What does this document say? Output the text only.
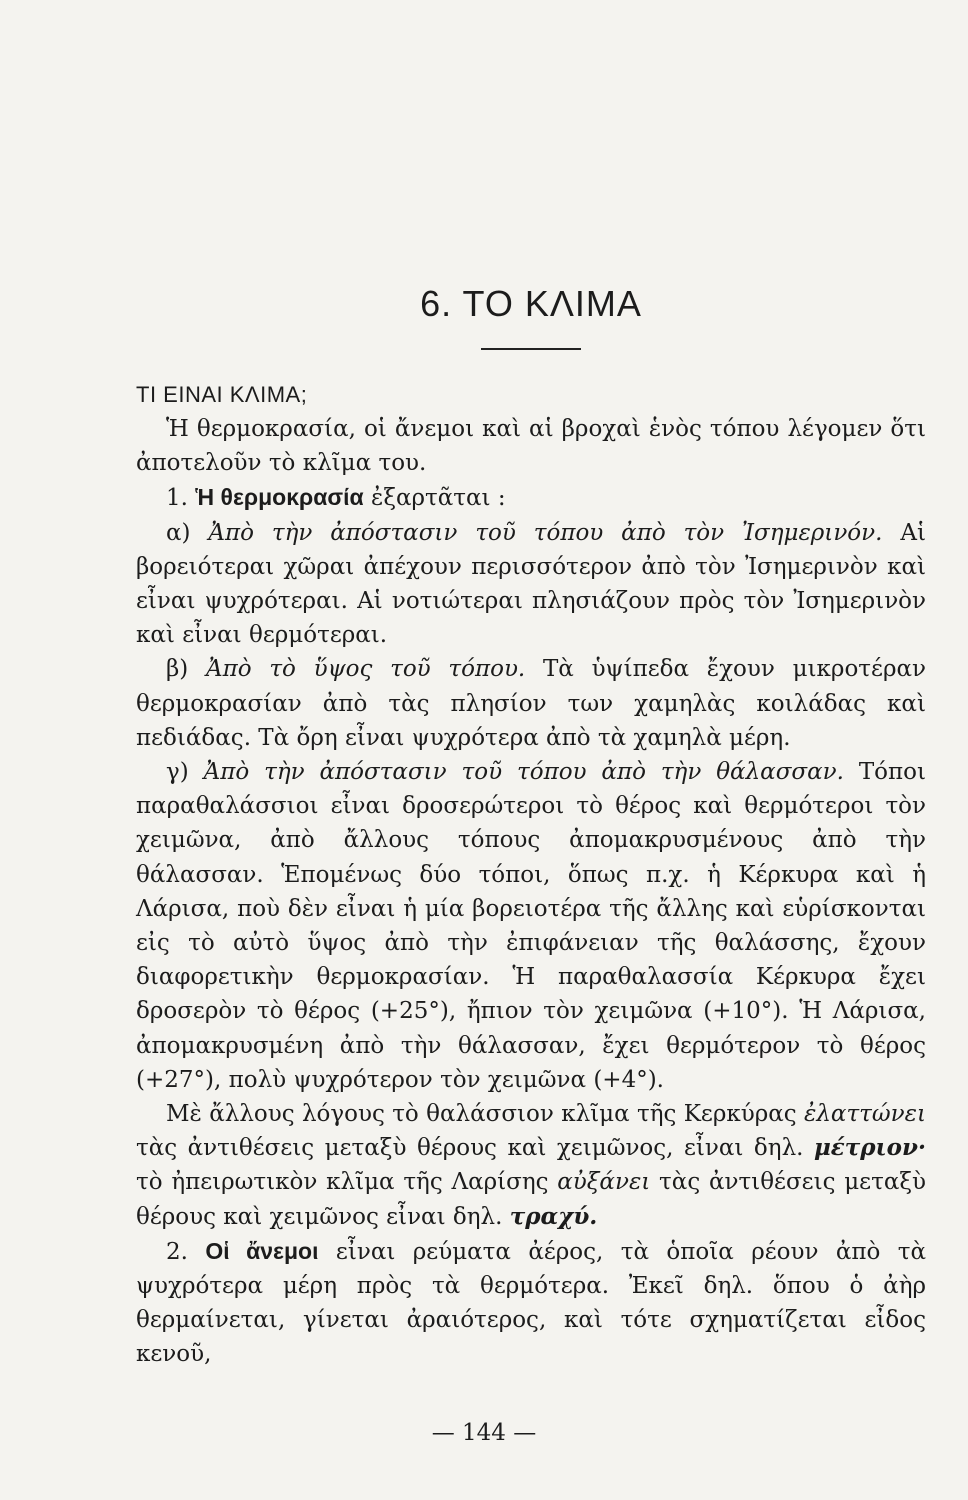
6. ΤΟ ΚΛΙΜΑ

ΤΙ ΕΙΝΑΙ ΚΛΙΜΑ;

Ἡ θερμοκρασία, οἱ ἄνεμοι καὶ αἱ βροχαὶ ἑνὸς τόπου λέγομεν ὅτι ἀποτελοῦν τὸ κλῖμα του.

1. Ἡ θερμοκρασία ἐξαρτᾶται :

α) Ἀπὸ τὴν ἀπόστασιν τοῦ τόπου ἀπὸ τὸν Ἰσημερινόν. Αἱ βορειότεραι χῶραι ἀπέχουν περισσότερον ἀπὸ τὸν Ἰσημερινὸν καὶ εἶναι ψυχρότεραι. Αἱ νοτιώτεραι πλησιάζουν πρὸς τὸν Ἰσημερινὸν καὶ εἶναι θερμότεραι.

β) Ἀπὸ τὸ ὕψος τοῦ τόπου. Τὰ ὑψίπεδα ἔχουν μικροτέραν θερμοκρασίαν ἀπὸ τὰς πλησίον των χαμηλὰς κοιλάδας καὶ πεδιάδας. Τὰ ὄρη εἶναι ψυχρότερα ἀπὸ τὰ χαμηλὰ μέρη.

γ) Ἀπὸ τὴν ἀπόστασιν τοῦ τόπου ἀπὸ τὴν θάλασσαν. Τόποι παραθαλάσσιοι εἶναι δροσερώτεροι τὸ θέρος καὶ θερμότεροι τὸν χειμῶνα, ἀπὸ ἄλλους τόπους ἀπομακρυσμένους ἀπὸ τὴν θάλασσαν. Ἑπομένως δύο τόποι, ὅπως π.χ. ἡ Κέρκυρα καὶ ἡ Λάρισα, ποὺ δὲν εἶναι ἡ μία βορειοτέρα τῆς ἄλλης καὶ εὑρίσκονται εἰς τὸ αὐτὸ ὕψος ἀπὸ τὴν ἐπιφάνειαν τῆς θαλάσσης, ἔχουν διαφορετικὴν θερμοκρασίαν. Ἡ παραθαλασσία Κέρκυρα ἔχει δροσερὸν τὸ θέρος (+25°), ἤπιον τὸν χειμῶνα (+10°). Ἡ Λάρισα, ἀπομακρυσμένη ἀπὸ τὴν θάλασσαν, ἔχει θερμότερον τὸ θέρος (+27°), πολὺ ψυχρότερον τὸν χειμῶνα (+4°).

Μὲ ἄλλους λόγους τὸ θαλάσσιον κλῖμα τῆς Κερκύρας ἐλαττώνει τὰς ἀντιθέσεις μεταξὺ θέρους καὶ χειμῶνος, εἶναι δηλ. μέτριον· τὸ ἠπειρωτικὸν κλῖμα τῆς Λαρίσης αὐξάνει τὰς ἀντιθέσεις μεταξὺ θέρους καὶ χειμῶνος εἶναι δηλ. τραχύ.

2. Οἱ ἄνεμοι εἶναι ρεύματα ἀέρος, τὰ ὁποῖα ρέουν ἀπὸ τὰ ψυχρότερα μέρη πρὸς τὰ θερμότερα. Ἐκεῖ δηλ. ὅπου ὁ ἀὴρ θερμαίνεται, γίνεται ἀραιότερος, καὶ τότε σχηματίζεται εἶδος κενοῦ,

— 144 —
